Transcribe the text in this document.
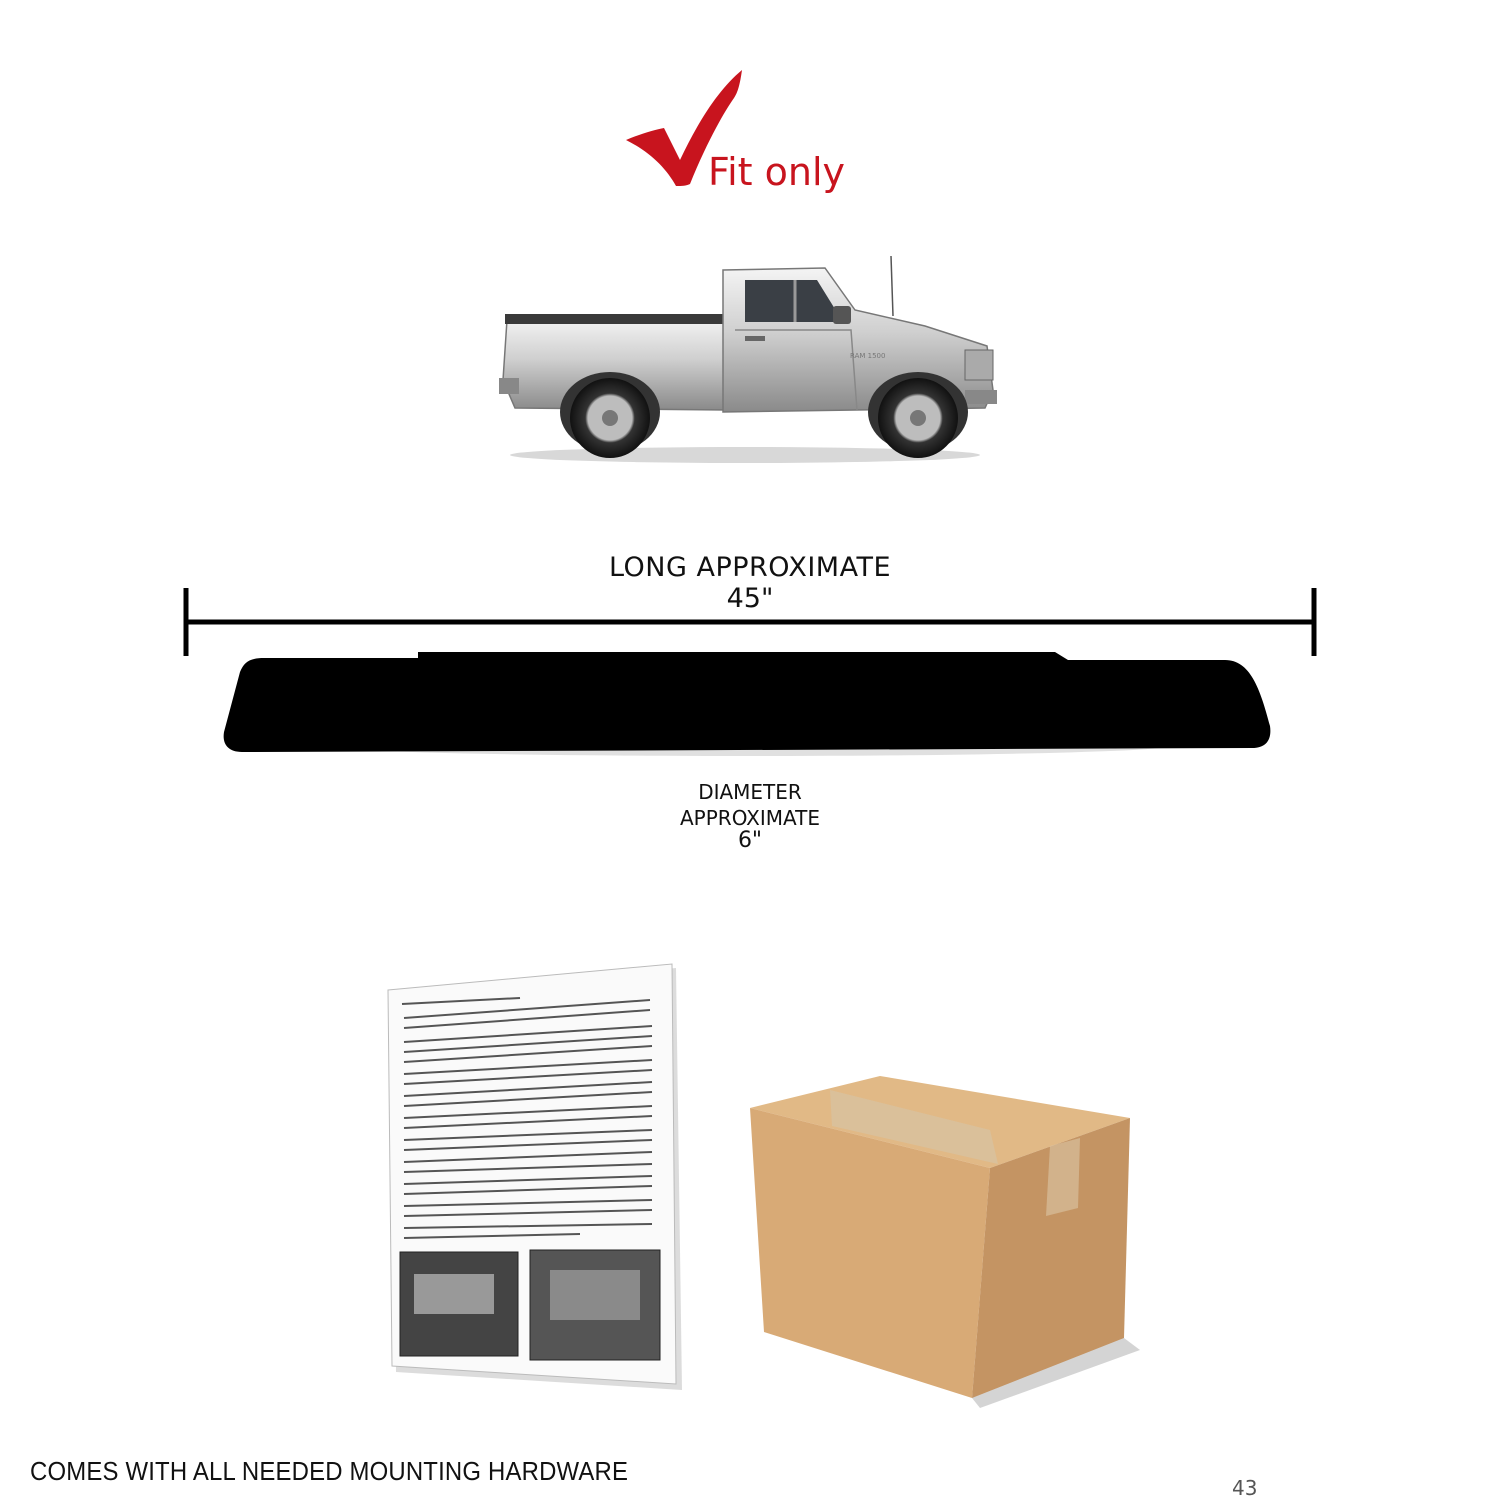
Fit only
RAM 1500
LONG APPROXIMATE
45"
DIAMETER
APPROXIMATE
6"
COMES WITH ALL NEEDED MOUNTING HARDWARE
43
